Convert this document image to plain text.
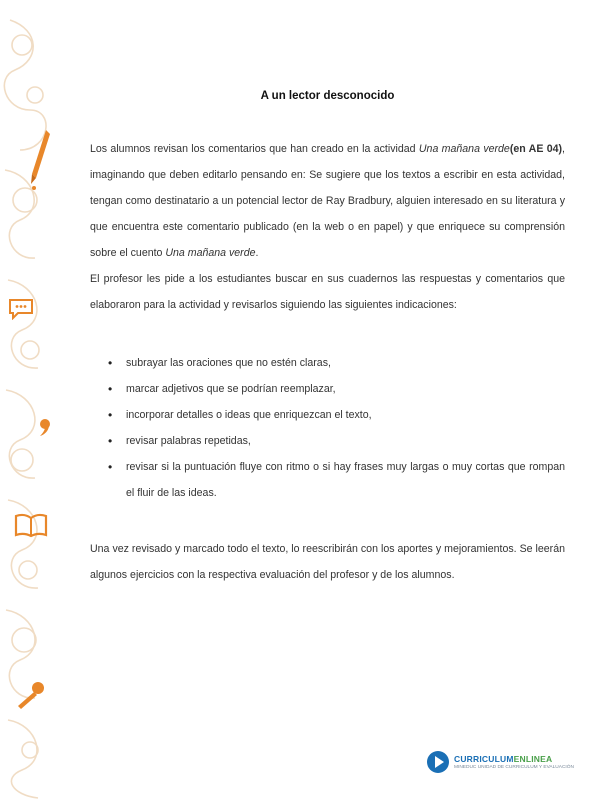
A un lector desconocido

Los alumnos revisan los comentarios que han creado en la actividad Una mañana verde(en AE 04), imaginando que deben editarlo pensando en: Se sugiere que los textos a escribir en esta actividad, tengan como destinatario a un potencial lector de Ray Bradbury, alguien interesado en su literatura y que encuentra este comentario publicado (en la web o en papel) y que enriquece su comprensión sobre el cuento Una mañana verde.

El profesor les pide a los estudiantes buscar en sus cuadernos las respuestas y comentarios que elaboraron para la actividad y revisarlos siguiendo las siguientes indicaciones:

• subrayar las oraciones que no estén claras,
• marcar adjetivos que se podrían reemplazar,
• incorporar detalles o ideas que enriquezcan el texto,
• revisar palabras repetidas,
• revisar si la puntuación fluye con ritmo o si hay frases muy largas o muy cortas que rompan el fluir de las ideas.

Una vez revisado y marcado todo el texto, lo reescribirán con los aportes y mejoramientos. Se leerán algunos ejercicios con la respectiva evaluación del profesor y de los alumnos.

CURRICULUMENLINEA
MINEDUC UNIDAD DE CURRICULUM Y EVALUACIÓN
